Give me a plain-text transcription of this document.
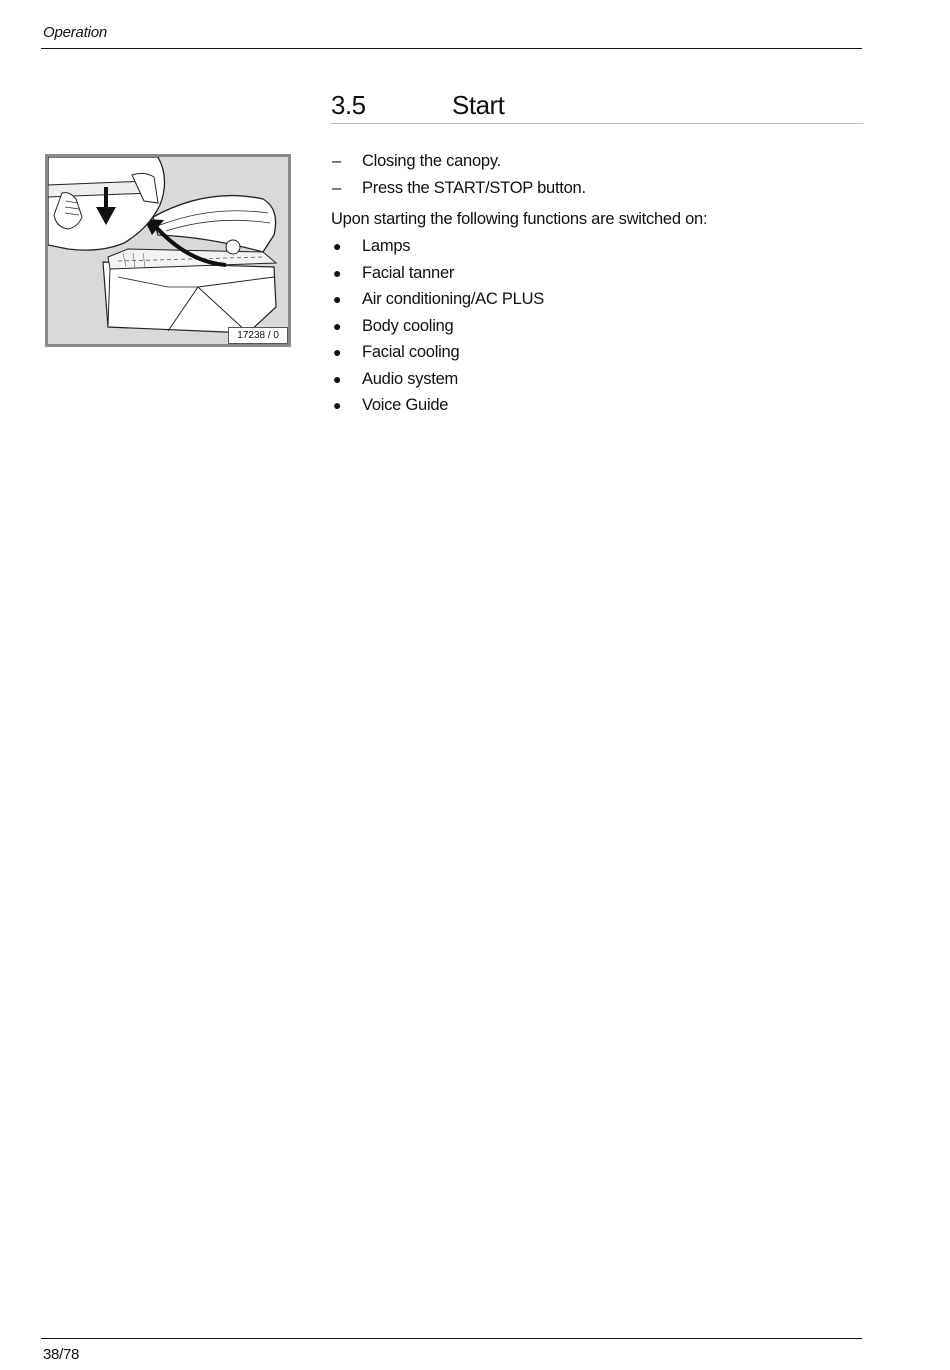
Operation
3.5	Start
17238 / 0
– Closing the canopy.
– Press the START/STOP button.
Upon starting the following functions are switched on:
● Lamps
● Facial tanner
● Air conditioning/AC PLUS
● Body cooling
● Facial cooling
● Audio system
● Voice Guide
38/78
